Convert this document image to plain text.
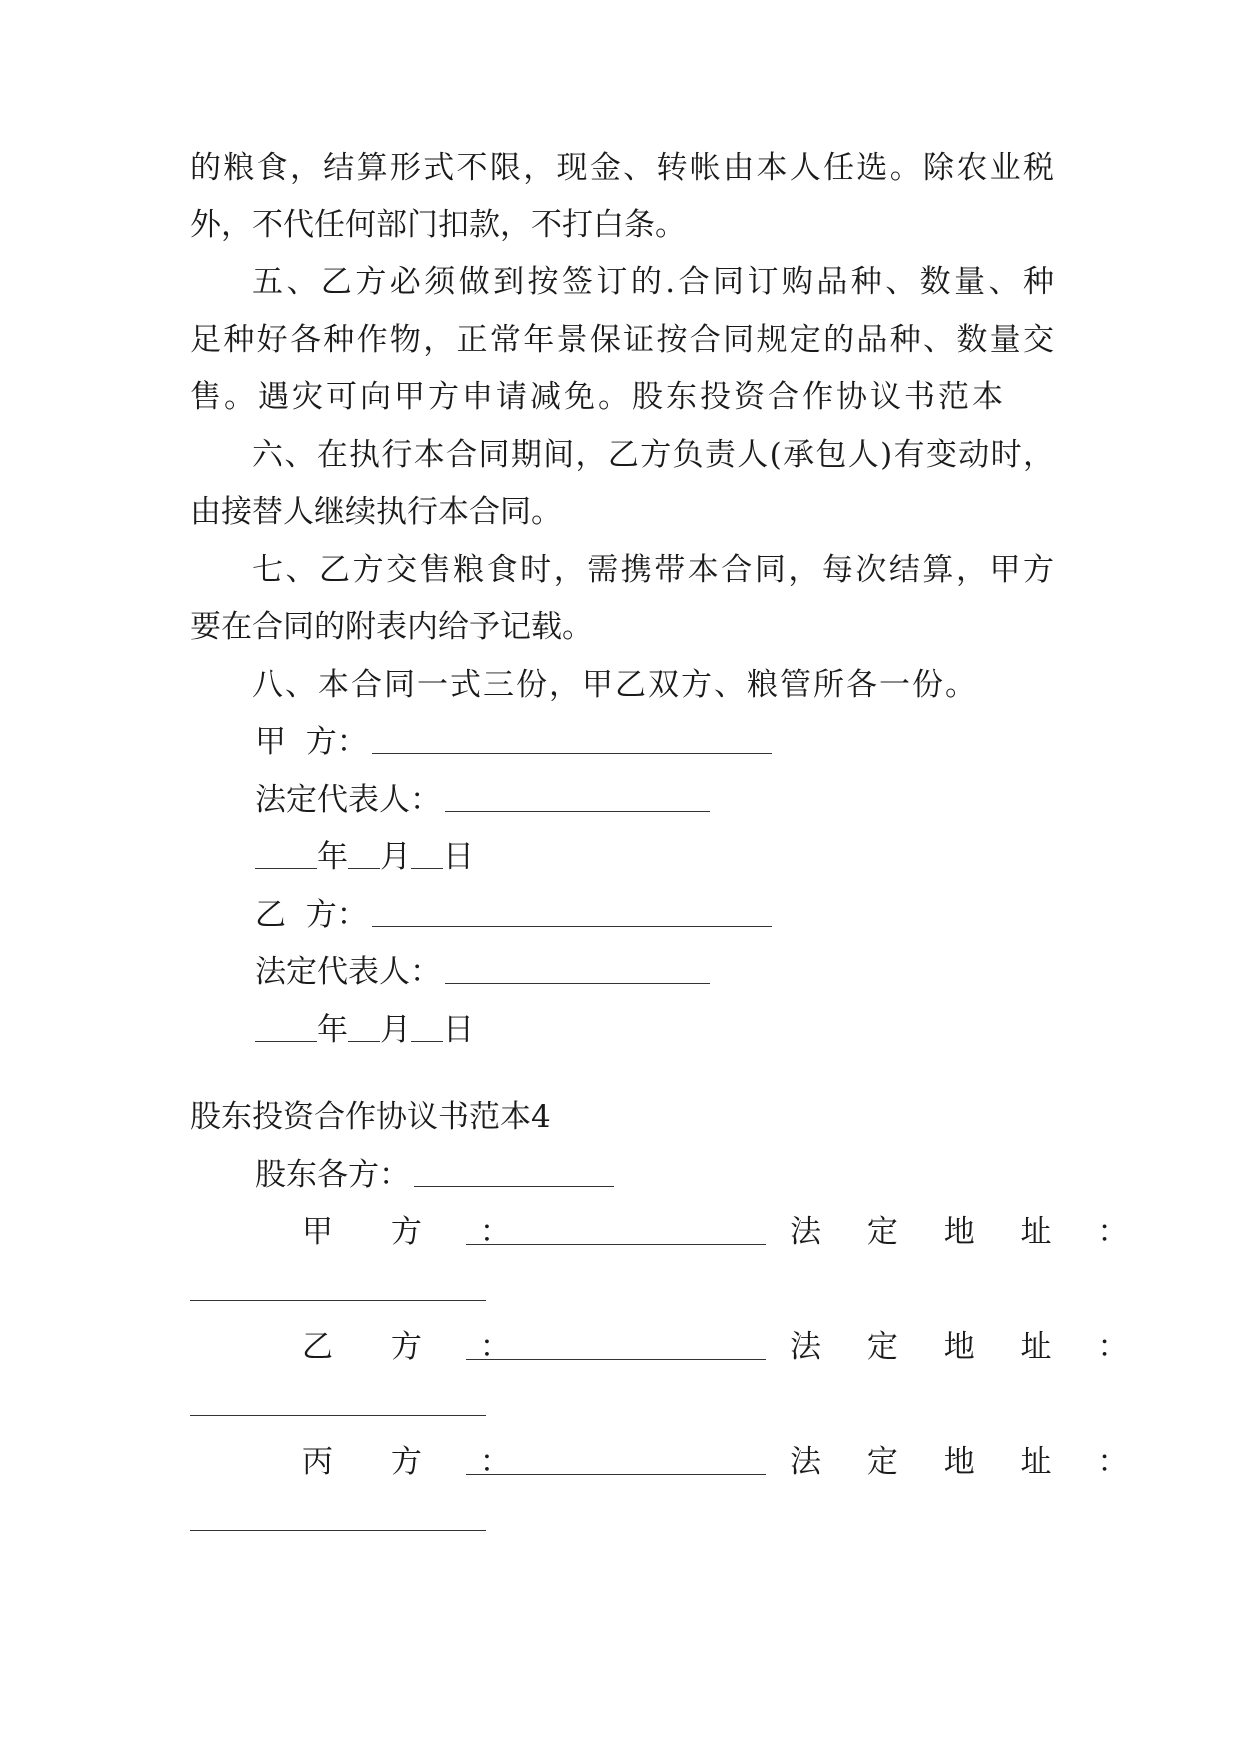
的粮食，结算形式不限，现金、转帐由本人任选。除农业税
外，不代任何部门扣款，不打白条。
五、乙方必须做到按签订的.合同订购品种、数量、种
足种好各种作物，正常年景保证按合同规定的品种、数量交
售。遇灾可向甲方申请减免。股东投资合作协议书范本
六、在执行本合同期间，乙方负责人(承包人)有变动时，
由接替人继续执行本合同。
七、乙方交售粮食时，需携带本合同，每次结算，甲方
要在合同的附表内给予记载。
八、本合同一式三份，甲乙双方、粮管所各一份。
甲  方：
法定代表人：
年 月 日
乙  方：
法定代表人：
年 月 日
股东投资合作协议书范本4
股东各方：
甲 方 ：	法 定 地 址 ：
乙 方 ：	法 定 地 址 ：
丙 方 ：	法 定 地 址 ：
